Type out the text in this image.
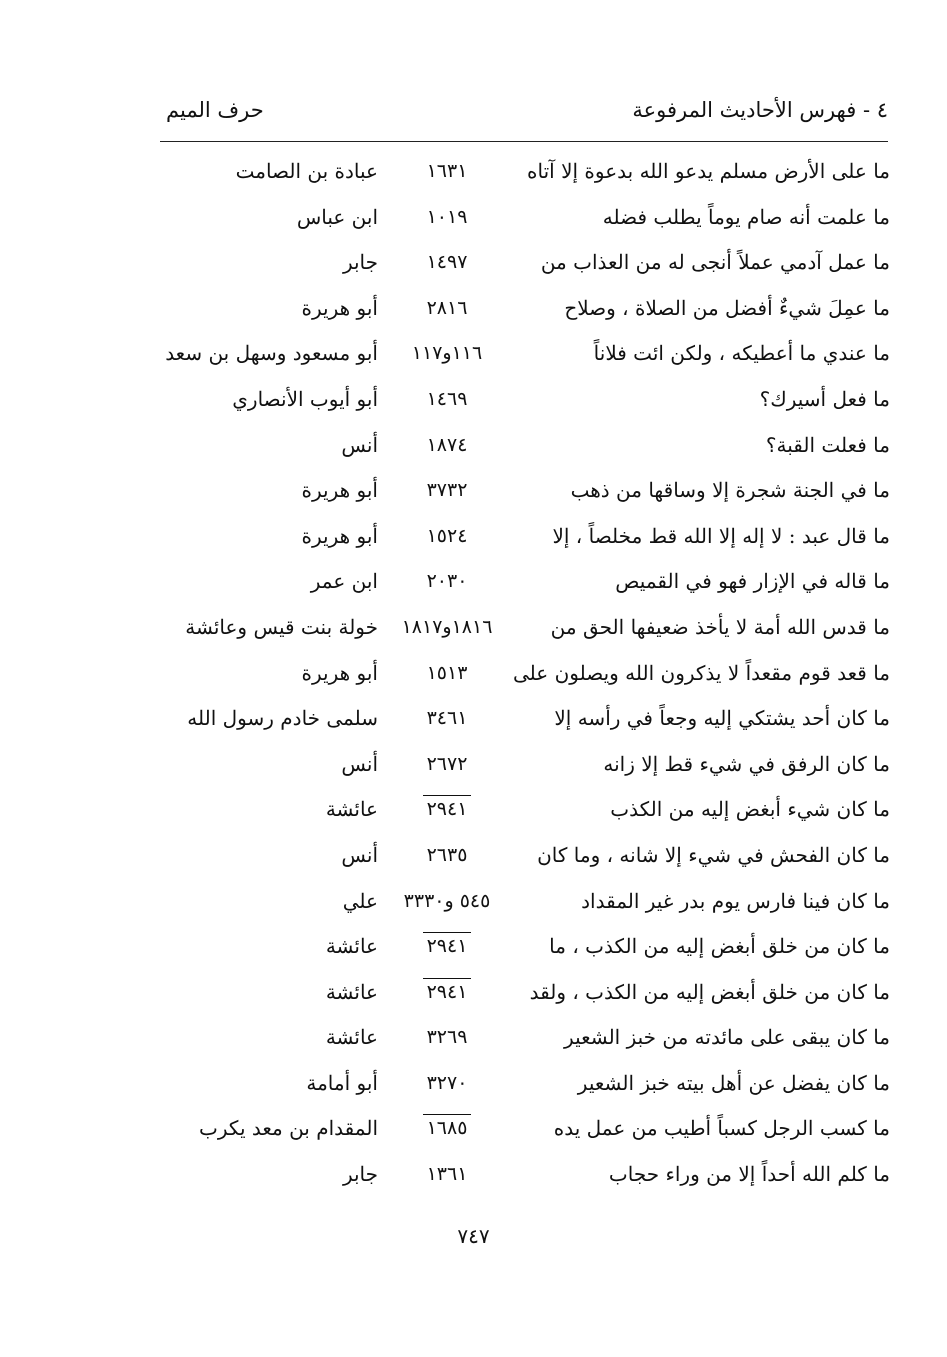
٤ - فهرس الأحاديث المرفوعة
حرف الميم
ما على الأرض مسلم يدعو الله بدعوة إلا آتاه
١٦٣١
عبادة بن الصامت
ما علمت أنه صام يوماً يطلب فضله
١٠١٩
ابن عباس
ما عمل آدمي عملاً أنجى له من العذاب من
١٤٩٧
جابر
ما عمِلَ شيءٌ أفضل من الصلاة ، وصلاح
٢٨١٦
أبو هريرة
ما عندي ما أعطيكه ، ولكن ائت فلاناً
١١٦و١١٧
أبو مسعود وسهل بن سعد
ما فعل أسيرك؟
١٤٦٩
أبو أيوب الأنصاري
ما فعلت القبة؟
١٨٧٤
أنس
ما في الجنة شجرة إلا وساقها من ذهب
٣٧٣٢
أبو هريرة
ما قال عبد : لا إله إلا الله قط مخلصاً ، إلا
١٥٢٤
أبو هريرة
ما قاله في الإزار فهو في القميص
٢٠٣٠
ابن عمر
ما قدس الله أمة لا يأخذ ضعيفها الحق من
١٨١٦و١٨١٧
خولة بنت قيس وعائشة
ما قعد قوم مقعداً لا يذكرون الله ويصلون على
١٥١٣
أبو هريرة
ما كان أحد يشتكي إليه وجعاً في رأسه إلا
٣٤٦١
سلمى خادم رسول الله
ما كان الرفق في شيء قط إلا زانه
٢٦٧٢
أنس
ما كان شيء أبغض إليه من الكذب
٢٩٤١
عائشة
ما كان الفحش في شيء إلا شانه ، وما كان
٢٦٣٥
أنس
ما كان فينا فارس يوم بدر غير المقداد
٥٤٥ و٣٣٣٠
علي
ما كان من خلق أبغض إليه من الكذب ، ما
٢٩٤١
عائشة
ما كان من خلق أبغض إليه من الكذب ، ولقد
٢٩٤١
عائشة
ما كان يبقى على مائدته من خبز الشعير
٣٢٦٩
عائشة
ما كان يفضل عن أهل بيته خبز الشعير
٣٢٧٠
أبو أمامة
ما كسب الرجل كسباً أطيب من عمل يده
١٦٨٥
المقدام بن معد يكرب
ما كلم الله أحداً إلا من وراء حجاب
١٣٦١
جابر
٧٤٧
